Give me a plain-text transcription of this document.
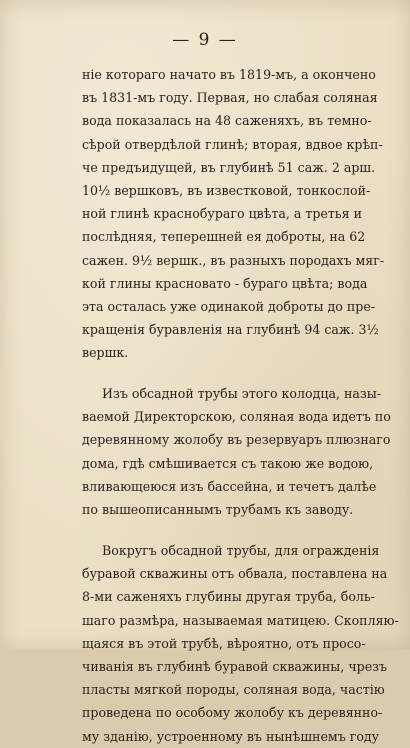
— 9 —
ніе котораго начато въ 1819-мъ, а окончено
въ 1831-мъ году. Первая, но слабая соляная
вода показалась на 48 саженяхъ, въ темно-
сѣрой отвердѣлой глинѣ; вторая, вдвое крѣп-
че предъидущей, въ глубинѣ 51 саж. 2 арш.
10½ вершковъ, въ известковой, тонкослой-
ной глинѣ краснобураго цвѣта, а третья и
послѣдняя, теперешней ея доброты, на 62
сажен. 9½ вершк., въ разныхъ породахъ мяг-
кой глины красновато - бураго цвѣта; вода
эта осталась уже одинакой доброты до пре-
кращенія буравленія на глубинѣ 94 саж. 3½
вершк.
Изъ обсадной трубы этого колодца, назы-
ваемой Директорскою, соляная вода идетъ по
деревянному жолобу въ резервуаръ плюзнаго
дома, гдѣ смѣшивается съ такою же водою,
вливающеюся изъ бассейна, и течетъ далѣе
по вышеописаннымъ трубамъ къ заводу.
Вокругъ обсадной трубы, для огражденія
буравой скважины отъ обвала, поставлена на
8-ми саженяхъ глубины другая труба, боль-
шаго размѣра, называемая матицею. Скопляю-
щаяся въ этой трубѣ, вѣроятно, отъ просо-
чиванія въ глубинѣ буравой скважины, чрезъ
пласты мягкой породы, соляная вода, частію
проведена по особому жолобу къ деревянно-
му зданію, устроенному въ нынѣшнемъ году
